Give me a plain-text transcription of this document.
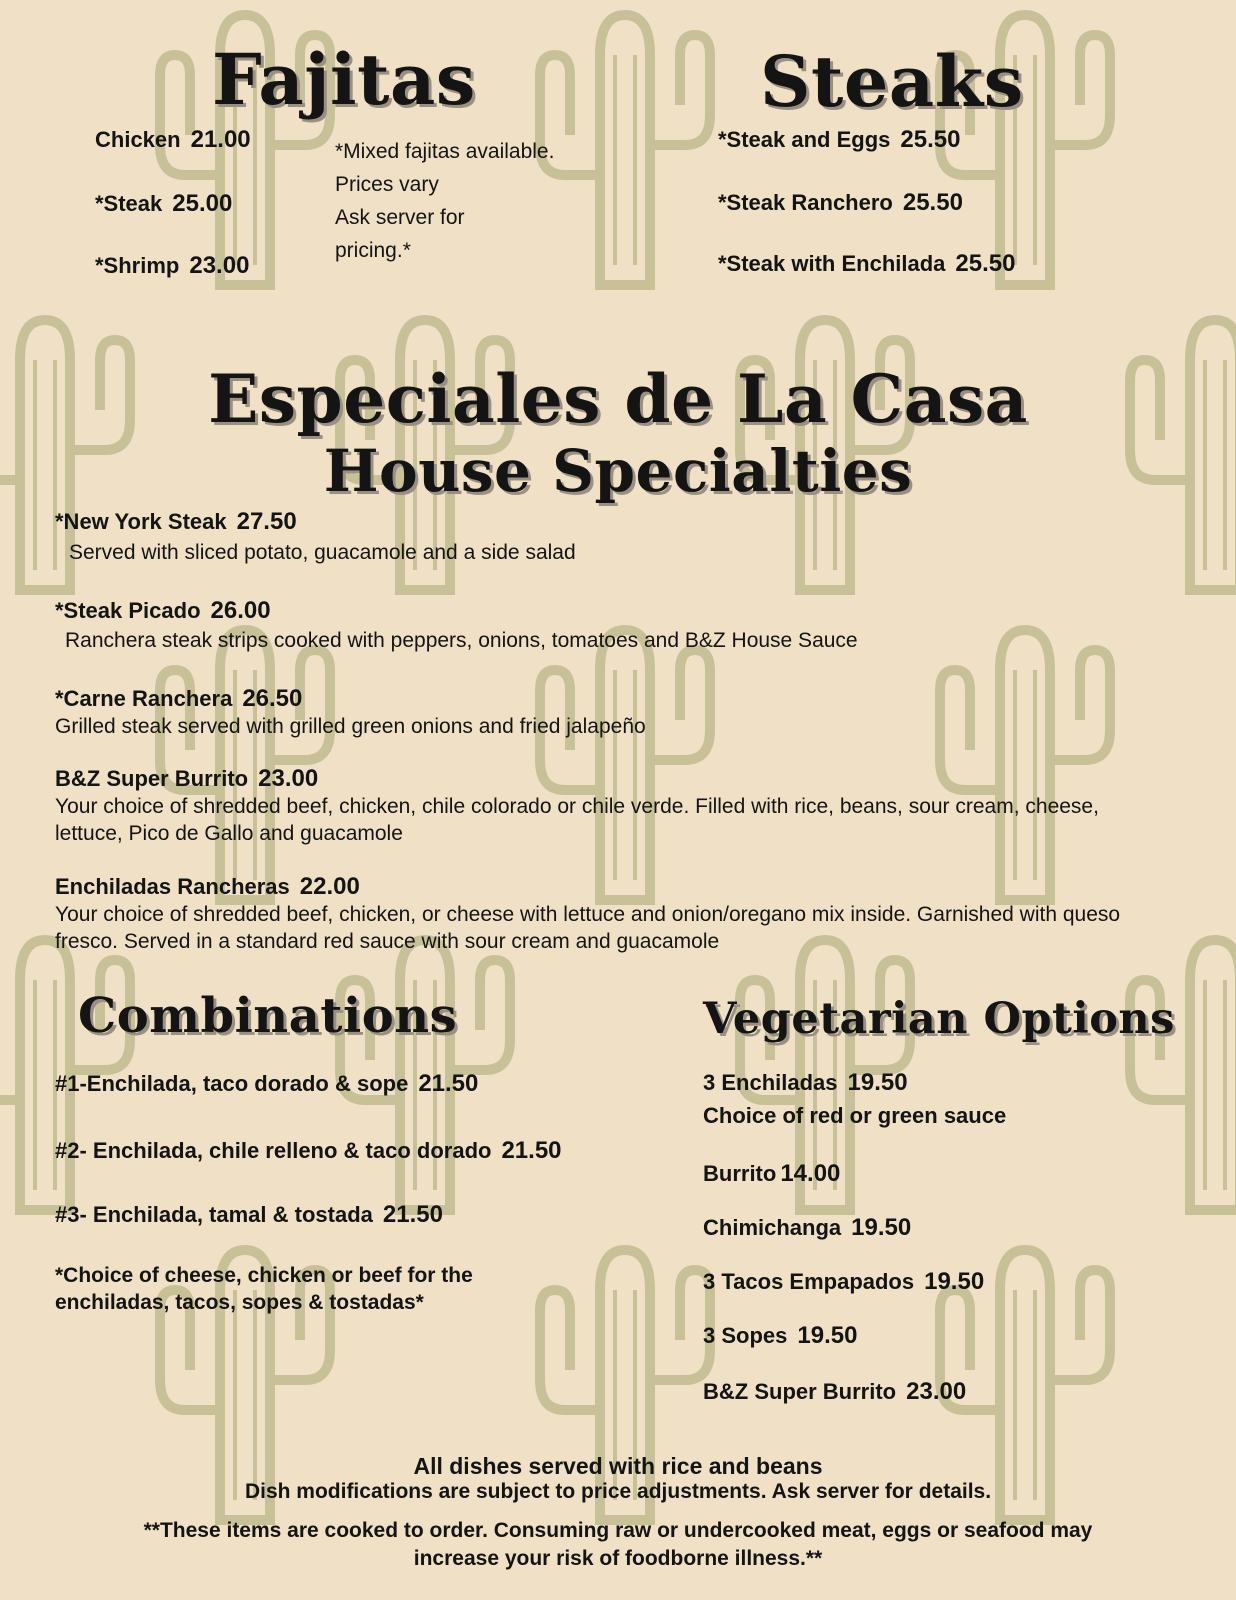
Fajitas
Chicken 21.00
*Steak 25.00
*Shrimp 23.00
*Mixed fajitas available.
Prices vary
Ask server for
pricing.*
Steaks
*Steak and Eggs 25.50
*Steak Ranchero 25.50
*Steak with Enchilada 25.50
Especiales de La Casa
House Specialties
*New York Steak 27.50
Served with sliced potato, guacamole and a side salad
*Steak Picado 26.00
Ranchera steak strips cooked with peppers, onions, tomatoes and B&Z House Sauce
*Carne Ranchera 26.50
Grilled steak served with grilled green onions and fried jalapeño
B&Z Super Burrito 23.00
Your choice of shredded beef, chicken, chile colorado or chile verde. Filled with rice, beans, sour cream, cheese,
lettuce, Pico de Gallo and guacamole
Enchiladas Rancheras 22.00
Your choice of shredded beef, chicken, or cheese with lettuce and onion/oregano mix inside. Garnished with queso
fresco. Served in a standard red sauce with sour cream and guacamole
Combinations
#1-Enchilada, taco dorado & sope 21.50
#2- Enchilada, chile relleno & taco dorado 21.50
#3- Enchilada, tamal & tostada 21.50
*Choice of cheese, chicken or beef for the
enchiladas, tacos, sopes & tostadas*
Vegetarian Options
3 Enchiladas 19.50
Choice of red or green sauce
Burrito 14.00
Chimichanga 19.50
3 Tacos Empapados 19.50
3 Sopes 19.50
B&Z Super Burrito 23.00
All dishes served with rice and beans
Dish modifications are subject to price adjustments. Ask server for details.
**These items are cooked to order. Consuming raw or undercooked meat, eggs or seafood may
increase your risk of foodborne illness.**
